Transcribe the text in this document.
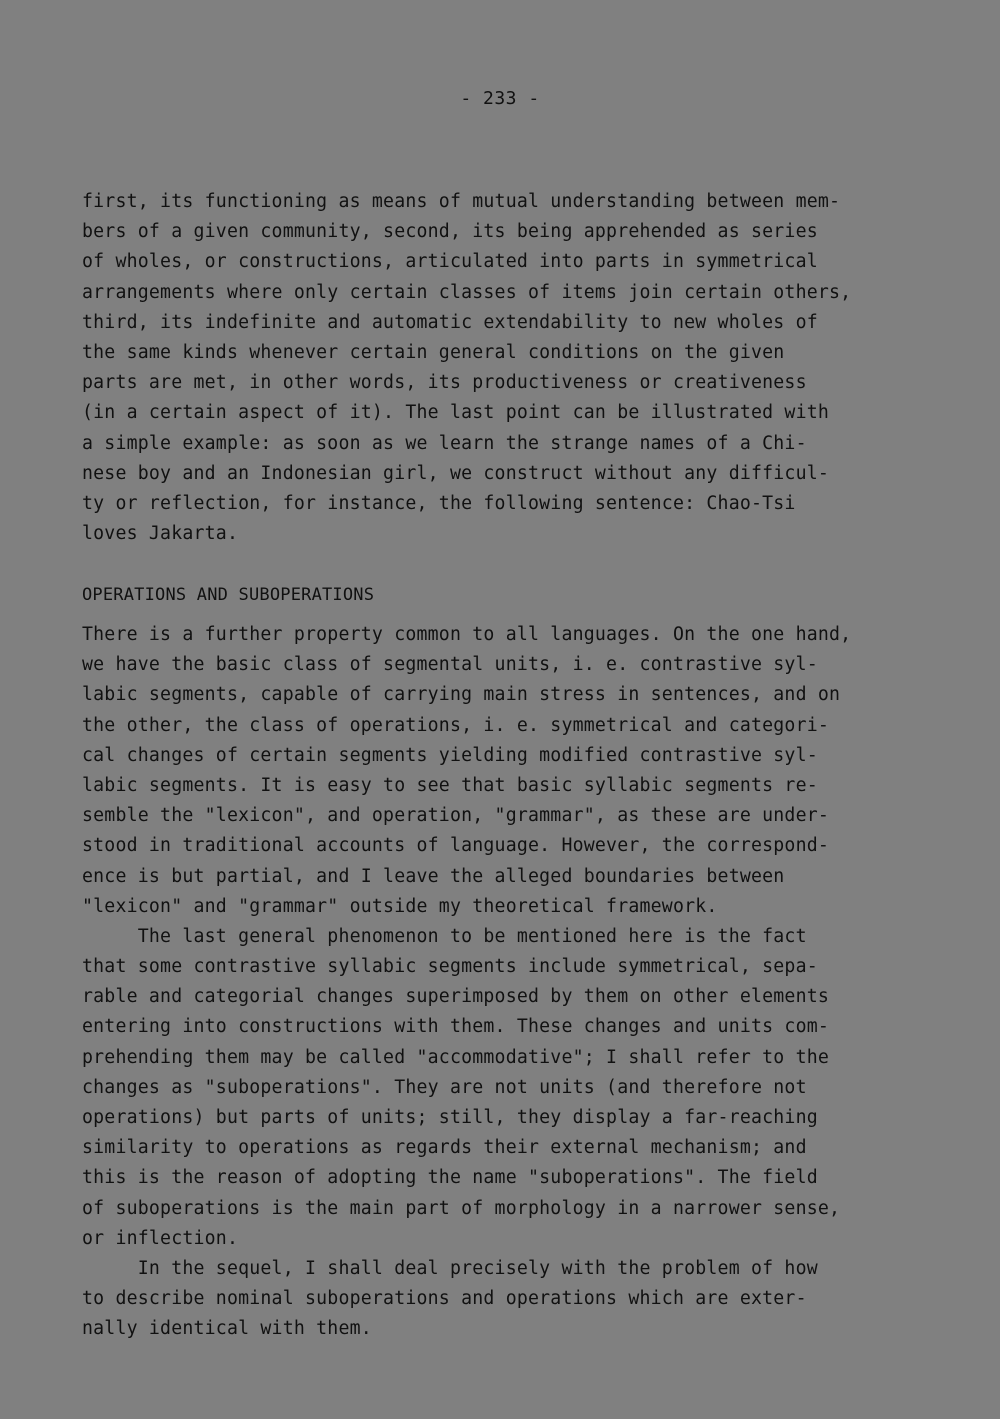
- 233 -
first, its functioning as means of mutual understanding between mem-
bers of a given community, second, its being apprehended as series
of wholes, or constructions, articulated into parts in symmetrical
arrangements where only certain classes of items join certain others,
third, its indefinite and automatic extendability to new wholes of
the same kinds whenever certain general conditions on the given
parts are met, in other words, its productiveness or creativeness
(in a certain aspect of it). The last point can be illustrated with
a simple example: as soon as we learn the strange names of a Chi-
nese boy and an Indonesian girl, we construct without any difficul-
ty or reflection, for instance, the following sentence: Chao-Tsi
loves Jakarta.
OPERATIONS AND SUBOPERATIONS
There is a further property common to all languages. On the one hand,
we have the basic class of segmental units, i. e. contrastive syl-
labic segments, capable of carrying main stress in sentences, and on
the other, the class of operations, i. e. symmetrical and categori-
cal changes of certain segments yielding modified contrastive syl-
labic segments. It is easy to see that basic syllabic segments re-
semble the "lexicon", and operation, "grammar", as these are under-
stood in traditional accounts of language. However, the correspond-
ence is but partial, and I leave the alleged boundaries between
"lexicon" and "grammar" outside my theoretical framework.
The last general phenomenon to be mentioned here is the fact
that some contrastive syllabic segments include symmetrical, sepa-
rable and categorial changes superimposed by them on other elements
entering into constructions with them. These changes and units com-
prehending them may be called "accommodative"; I shall refer to the
changes as "suboperations". They are not units (and therefore not
operations) but parts of units; still, they display a far-reaching
similarity to operations as regards their external mechanism; and
this is the reason of adopting the name "suboperations". The field
of suboperations is the main part of morphology in a narrower sense,
or inflection.
In the sequel, I shall deal precisely with the problem of how
to describe nominal suboperations and operations which are exter-
nally identical with them.
